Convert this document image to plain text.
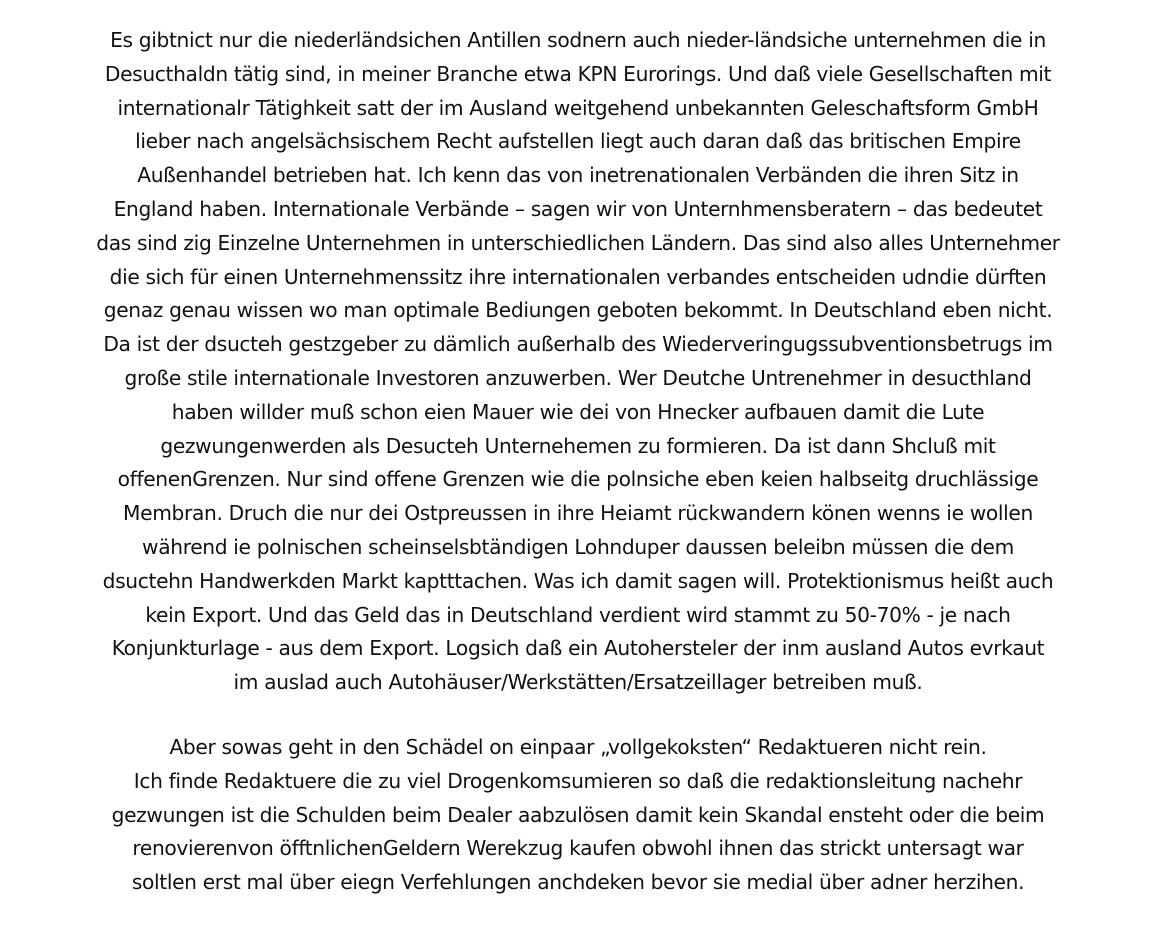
Es gibtnict nur die niederländsichen Antillen sodnern auch nieder-ländsiche unternehmen die in
Desucthaldn tätig sind, in meiner Branche etwa KPN Eurorings. Und daß viele Gesellschaften mit
internationalr Tätighkeit satt der im Ausland weitgehend unbekannten Geleschaftsform GmbH
lieber nach angelsächsischem Recht aufstellen liegt auch daran daß das britischen Empire
Außenhandel betrieben hat. Ich kenn das von inetrenationalen Verbänden die ihren Sitz in
England haben. Internationale Verbände – sagen wir von Unternhmensberatern – das bedeutet
das sind zig Einzelne Unternehmen in unterschiedlichen Ländern. Das sind also alles Unternehmer
die sich für einen Unternehmenssitz ihre internationalen verbandes entscheiden udndie dürften
genaz genau wissen wo man optimale Bediungen geboten bekommt. In Deutschland eben nicht.
Da ist der dsucteh gestzgeber zu dämlich außerhalb des Wiederveringugssubventionsbetrugs im
große stile internationale Investoren anzuwerben. Wer Deutche Untrenehmer in desucthland
haben willder muß schon eien Mauer wie dei von Hnecker aufbauen damit die Lute
gezwungenwerden als Desucteh Unternehemen zu formieren. Da ist dann Shcluß mit
offenenGrenzen. Nur sind offene Grenzen wie die polnsiche eben keien halbseitg druchlässige
Membran. Druch die nur dei Ostpreussen in ihre Heiamt rückwandern könen wenns ie wollen
während ie polnischen scheinselsbtändigen Lohnduper daussen beleibn müssen die dem
dsuctehn Handwerkden Markt kaptttachen. Was ich damit sagen will. Protektionismus heißt auch
kein Export. Und das Geld das in Deutschland verdient wird stammt zu 50-70% - je nach
Konjunkturlage - aus dem Export. Logsich daß ein Autohersteler der inm ausland Autos evrkaut
im auslad auch Autohäuser/Werkstätten/Ersatzeillager betreiben muß.
Aber sowas geht in den Schädel on einpaar „vollgekoksten“ Redaktueren nicht rein.
Ich finde Redaktuere die zu viel Drogenkomsumieren so daß die redaktionsleitung nachehr
gezwungen ist die Schulden beim Dealer aabzulösen damit kein Skandal ensteht oder die beim
renovierenvon öfftnlichenGeldern Werekzug kaufen obwohl ihnen das strickt untersagt war
soltlen erst mal über eiegn Verfehlungen anchdeken bevor sie medial über adner herzihen.
